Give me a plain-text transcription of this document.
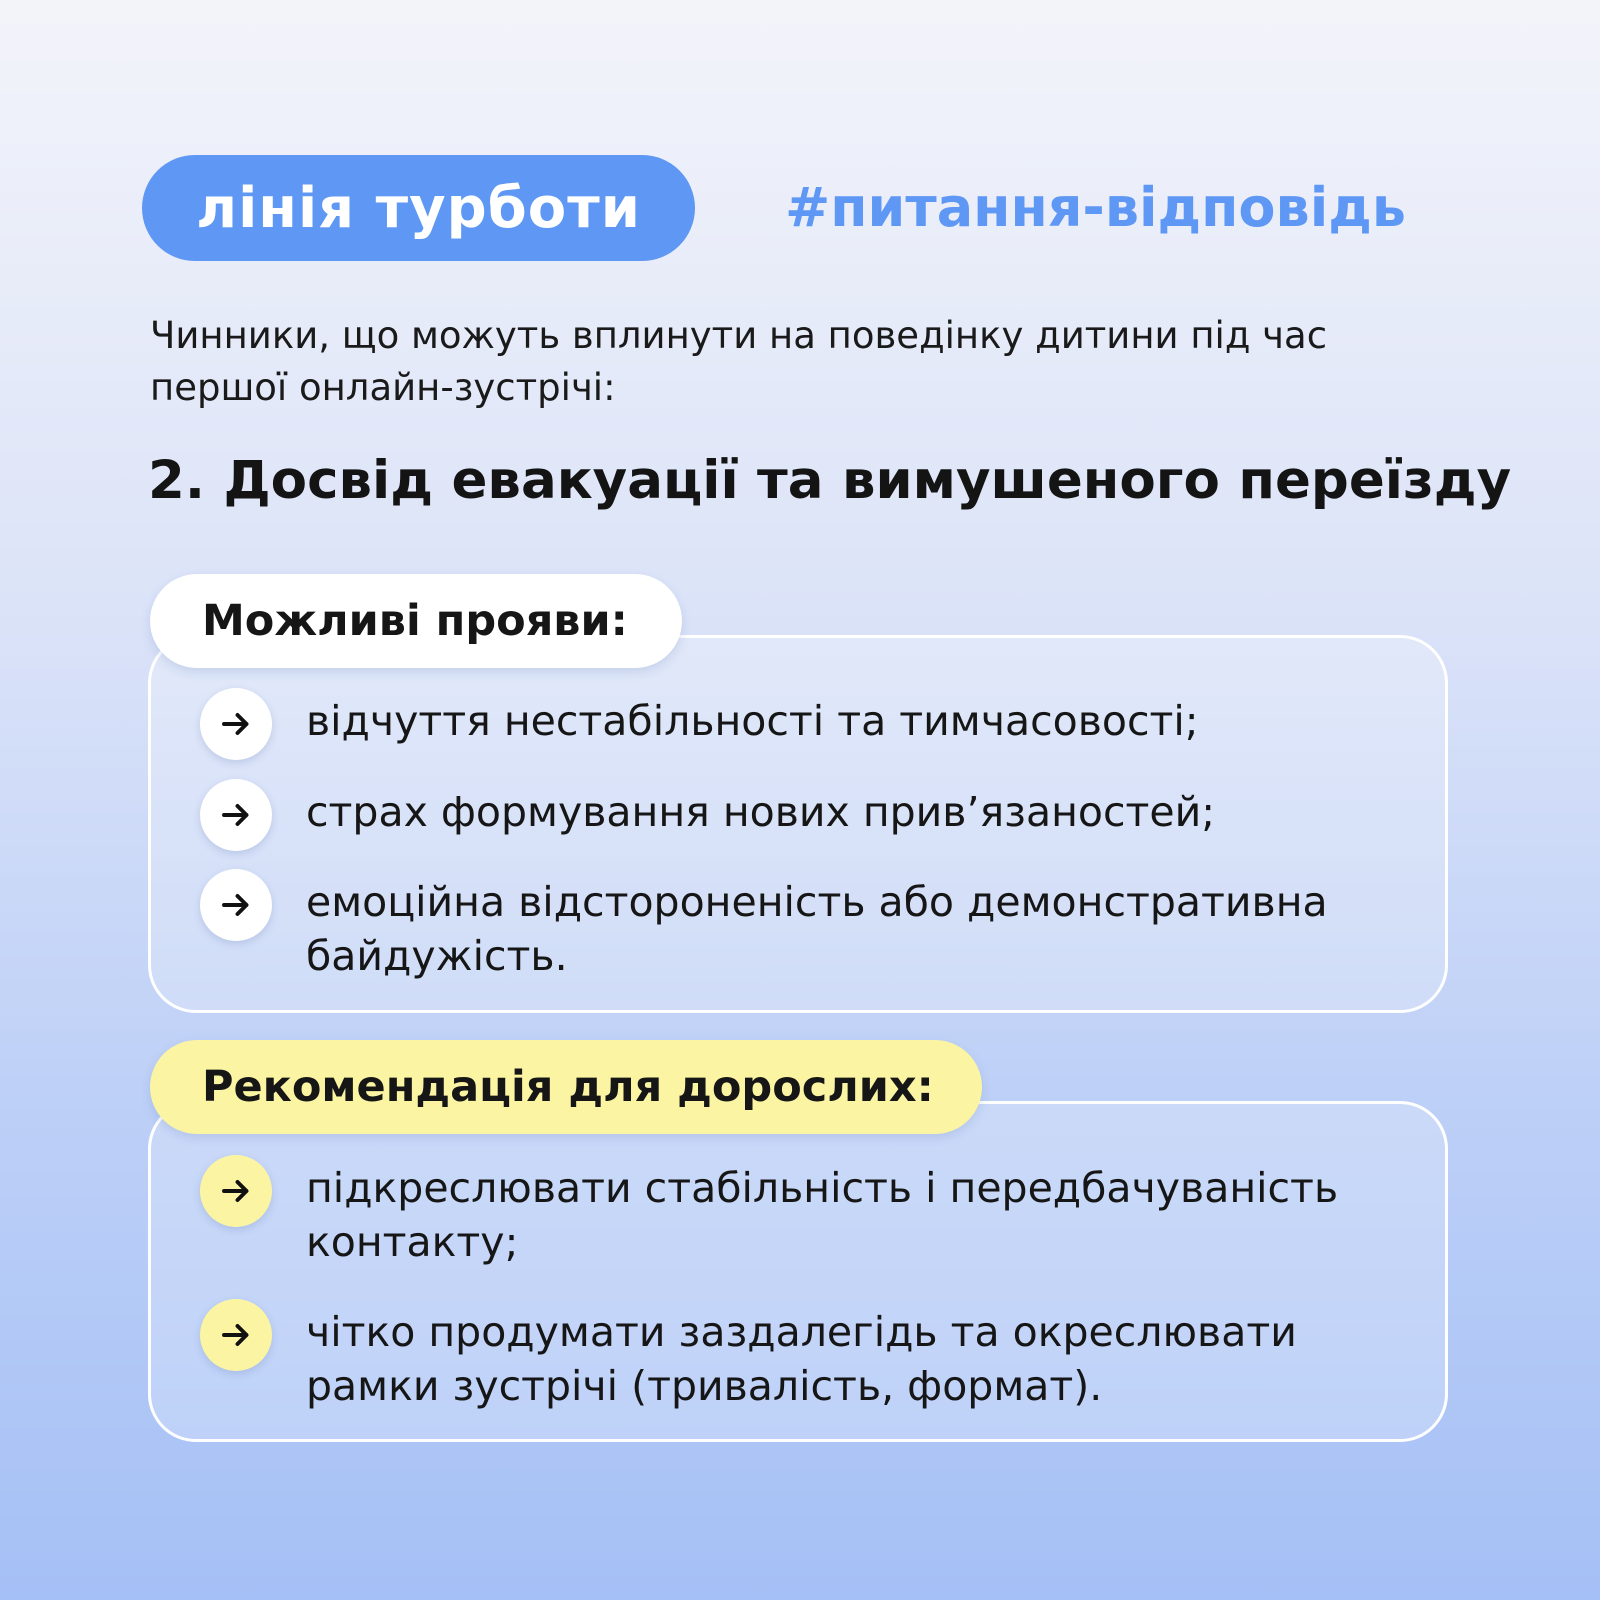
лінія турботи	#питання-відповідь
Чинники, що можуть вплинути на поведінку дитини під час першої онлайн-зустрічі:
2. Досвід евакуації та вимушеного переїзду
Можливі прояви:
відчуття нестабільності та тимчасовості;
страх формування нових прив’язаностей;
емоційна відстороненість або демонстративна байдужість.
Рекомендація для дорослих:
підкреслювати стабільність і передбачуваність контакту;
чітко продумати заздалегідь та окреслювати рамки зустрічі (тривалість, формат).
